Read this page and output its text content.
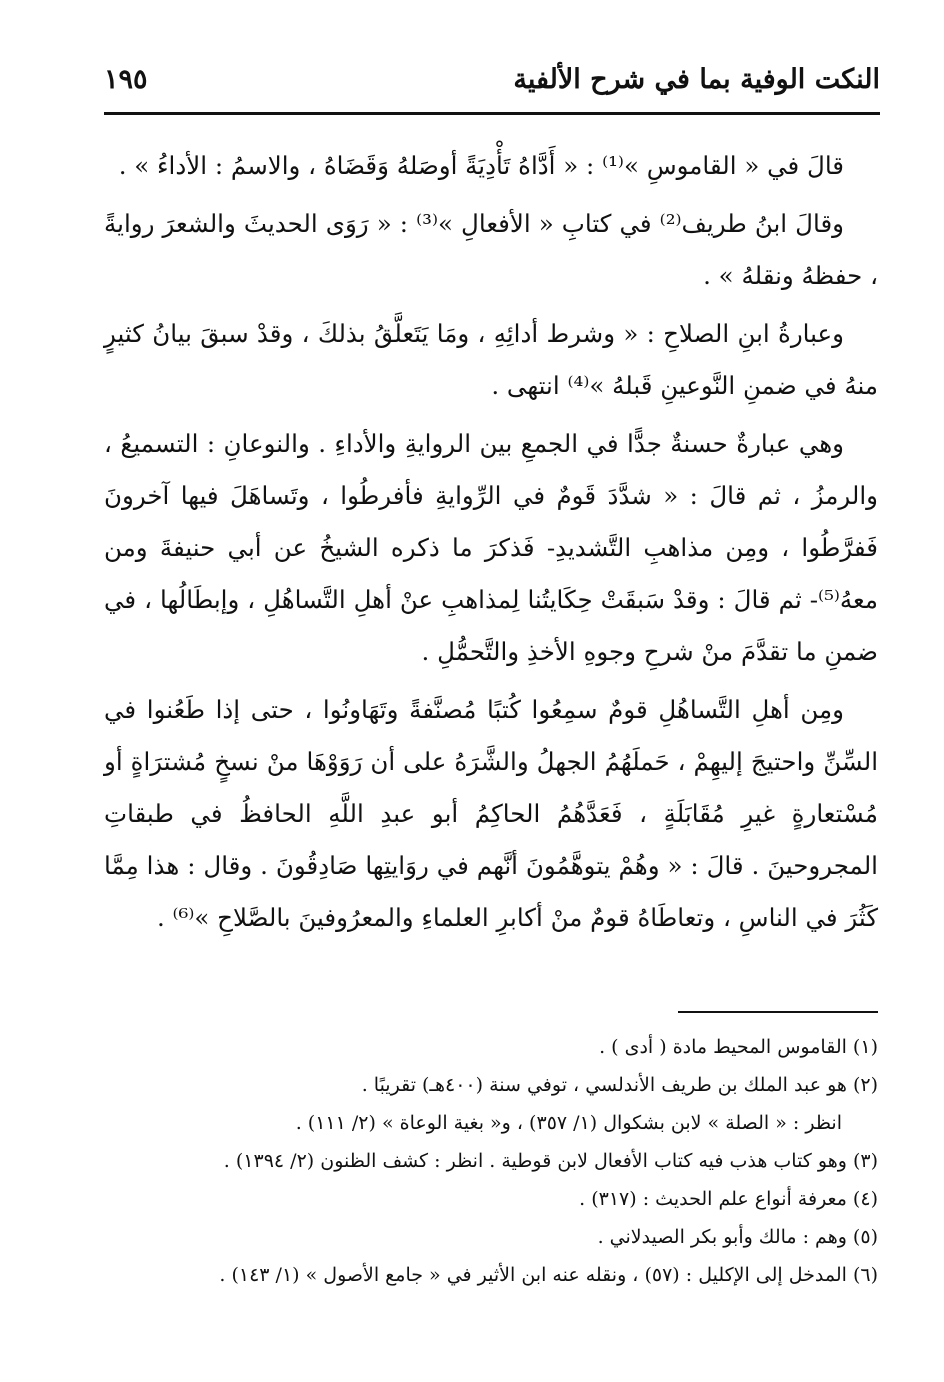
النكت الوفية بما في شرح الألفية
١٩٥

قالَ في « القاموسِ »⁽¹⁾ : « أَدَّاهُ تَأْدِيَةً أوصَلهُ وَقَضَاهُ ، والاسمُ : الأداءُ » .

وقالَ ابنُ طريف⁽²⁾ في كتابِ « الأفعالِ »⁽³⁾ : « رَوَى الحديثَ والشعرَ روايةً ، حفظهُ ونقلهُ » .

وعبارةُ ابنِ الصلاحِ : « وشرط أدائِهِ ، ومَا يَتَعلَّقُ بذلكَ ، وقدْ سبقَ بيانُ كثيرٍ منهُ في ضمنِ النَّوعينِ قَبلهُ »⁽⁴⁾ انتهى .

وهي عبارةٌ حسنةٌ جدًّا في الجمعِ بين الروايةِ والأداءِ . والنوعانِ : التسميعُ ، والرمزُ ، ثم قالَ : « شدَّدَ قَومٌ في الرِّوايةِ فأفرطُوا ، وتَساهَلَ فيها آخرونَ فَفرَّطُوا ، ومِن مذاهبِ التَّشديدِ- فَذكرَ ما ذكره الشيخُ عن أبي حنيفةَ ومن معهُ⁽⁵⁾- ثم قالَ : وقدْ سَبقَتْ حِكَايتُنا لِمذاهبِ عنْ أهلِ التَّساهُلِ ، وإبطَالُها ، في ضمنِ ما تقدَّمَ منْ شرحِ وجوهِ الأخذِ والتَّحمُّلِ .

ومِن أهلِ التَّساهُلِ قومٌ سمِعُوا كُتبًا مُصنَّفةً وتَهَاونُوا ، حتى إذا طَعُنوا في السِّنِّ واحتيجَ إليهِمْ ، حَملَهُمُ الجهلُ والشَّرَهُ على أن رَوَوْهَا منْ نسخٍ مُشترَاةٍ أو مُسْتعارةٍ غيرِ مُقَابَلَةٍ ، فَعَدَّهُمُ الحاكِمُ أبو عبدِ اللَّهِ الحافظُ في طبقاتِ المجروحينَ . قالَ : « وهُمْ يتوهَّمُونَ أنَّهم في روَايتِها صَادِقُونَ . وقال : هذا مِمَّا كَثُرَ في الناسِ ، وتعاطَاهُ قومٌ منْ أكابرِ العلماءِ والمعرُوفينَ بالصَّلاحِ »⁽⁶⁾ .

(١) القاموس المحيط مادة ( أدى ) .

(٢) هو عبد الملك بن طريف الأندلسي ، توفي سنة (٤٠٠هـ) تقريبًا .

انظر : « الصلة » لابن بشكوال (١/ ٣٥٧) ، و« بغية الوعاة » (٢/ ١١١) .

(٣) وهو كتاب هذب فيه كتاب الأفعال لابن قوطية . انظر : كشف الظنون (٢/ ١٣٩٤) .

(٤) معرفة أنواع علم الحديث : (٣١٧) .

(٥) وهم : مالك وأبو بكر الصيدلاني .

(٦) المدخل إلى الإكليل : (٥٧) ، ونقله عنه ابن الأثير في « جامع الأصول » (١/ ١٤٣) .
